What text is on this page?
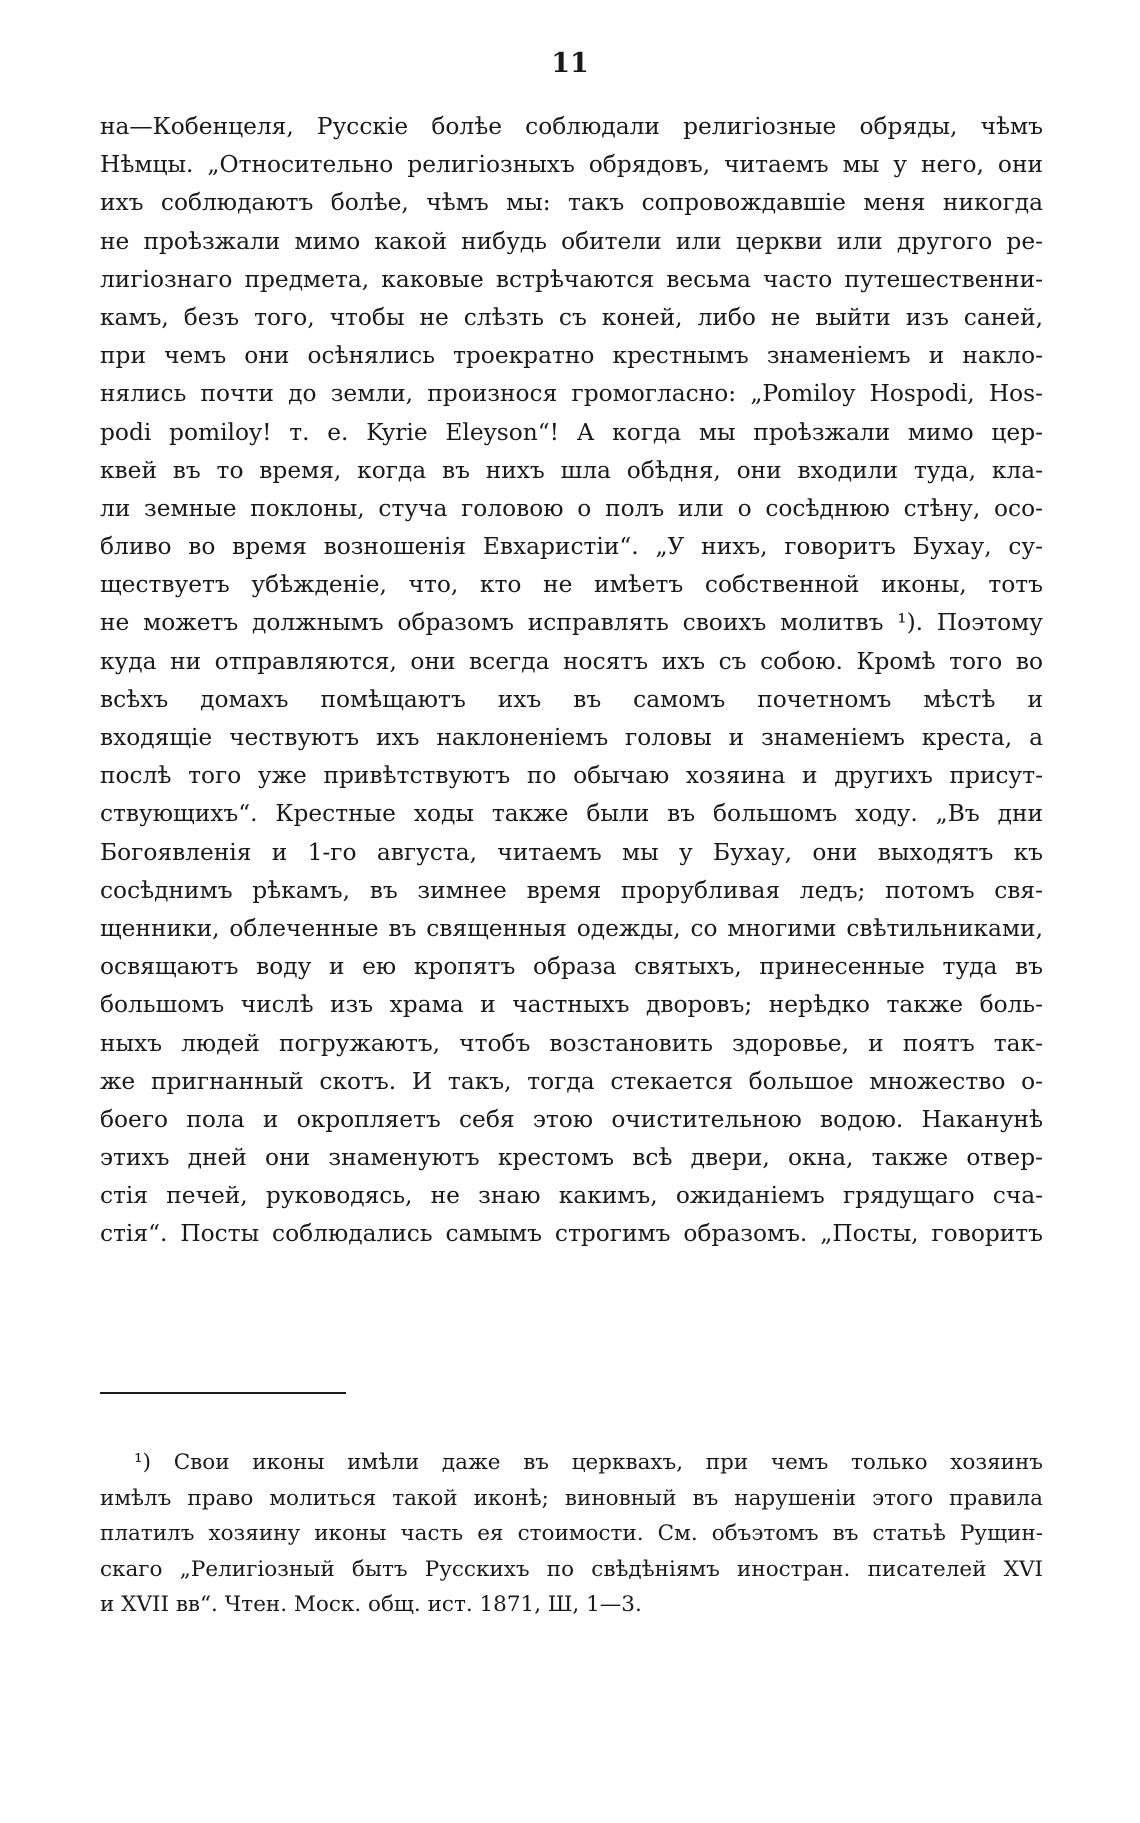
11
на—Кобенцеля, Русскіе болѣе соблюдали религіозные обряды, чѣмъ
Нѣмцы. „Относительно религіозныхъ обрядовъ, читаемъ мы у него, они
ихъ соблюдаютъ болѣе, чѣмъ мы: такъ сопровождавшіе меня никогда
не проѣзжали мимо какой нибудь обители или церкви или другого ре-
лигіознаго предмета, каковые встрѣчаются весьма часто путешественни-
камъ, безъ того, чтобы не слѣзть съ коней, либо не выйти изъ саней,
при чемъ они осѣнялись троекратно крестнымъ знаменіемъ и накло-
нялись почти до земли, произнося громогласно: „Pomiloy Hospodi, Hos-
podi pomiloy! т. е. Kyrie Eleyson“! А когда мы проѣзжали мимо цер-
квей въ то время, когда въ нихъ шла обѣдня, они входили туда, кла-
ли земные поклоны, стуча головою о полъ или о сосѣднюю стѣну, осо-
бливо во время возношенія Евхаристіи“. „У нихъ, говоритъ Бухау, су-
ществуетъ убѣжденіе, что, кто не имѣетъ собственной иконы, тотъ
не можетъ должнымъ образомъ исправлять своихъ молитвъ ¹). Поэтому
куда ни отправляются, они всегда носятъ ихъ съ собою. Кромѣ того во
всѣхъ домахъ помѣщаютъ ихъ въ самомъ почетномъ мѣстѣ и
входящіе чествуютъ ихъ наклоненіемъ головы и знаменіемъ креста, а
послѣ того уже привѣтствуютъ по обычаю хозяина и другихъ присут-
ствующихъ“. Крестные ходы также были въ большомъ ходу. „Въ дни
Богоявленія и 1-го августа, читаемъ мы у Бухау, они выходятъ къ
сосѣднимъ рѣкамъ, въ зимнее время прорубливая ледъ; потомъ свя-
щенники, облеченные въ священныя одежды, со многими свѣтильниками,
освящаютъ воду и ею кропятъ образа святыхъ, принесенные туда въ
большомъ числѣ изъ храма и частныхъ дворовъ; нерѣдко также боль-
ныхъ людей погружаютъ, чтобъ возстановить здоровье, и поятъ так-
же пригнанный скотъ. И такъ, тогда стекается большое множество о-
боего пола и окропляетъ себя этою очистительною водою. Наканунѣ
этихъ дней они знаменуютъ крестомъ всѣ двери, окна, также отвер-
стія печей, руководясь, не знаю какимъ, ожиданіемъ грядущаго сча-
стія“. Посты соблюдались самымъ строгимъ образомъ. „Посты, говоритъ
¹) Свои иконы имѣли даже въ церквахъ, при чемъ только хозяинъ
имѣлъ право молиться такой иконѣ; виновный въ нарушеніи этого правила
платилъ хозяину иконы часть ея стоимости. См. объэтомъ въ статьѣ Рущин-
скаго „Религіозный бытъ Русскихъ по свѣдѣніямъ иностран. писателей XVI
и XVII вв“. Чтен. Моск. общ. ист. 1871, Ш, 1—3.
